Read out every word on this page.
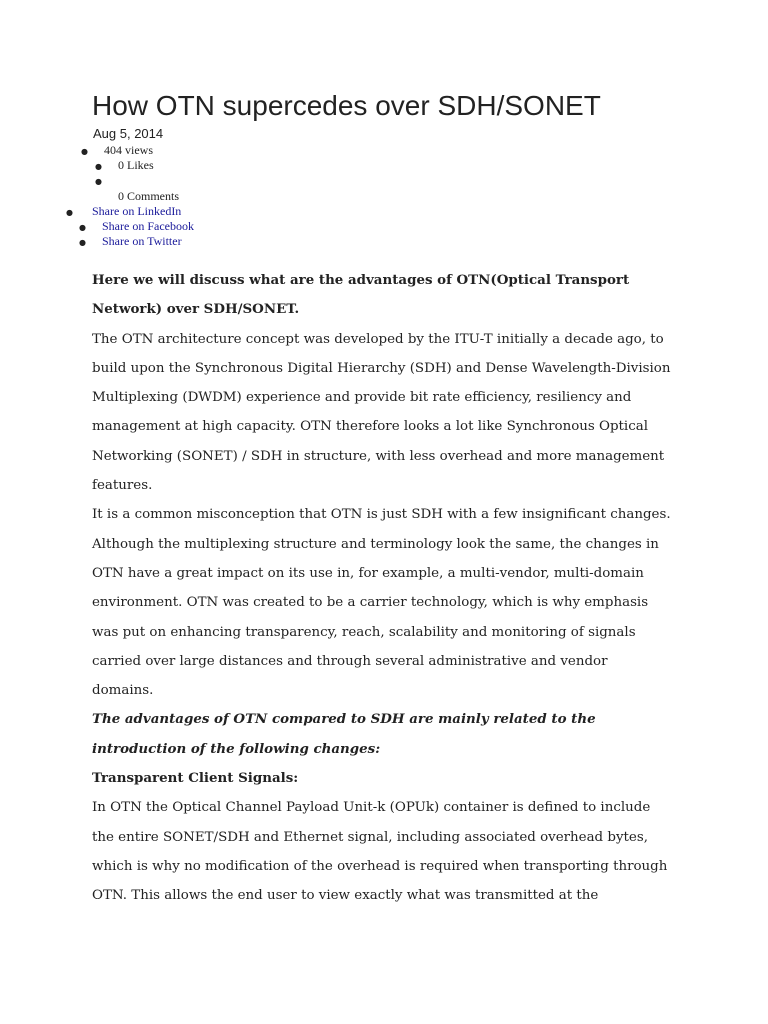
How OTN supercedes over SDH/SONET
Aug 5, 2014
● 404 views
● 0 Likes
●
0 Comments
● Share on LinkedIn
● Share on Facebook
● Share on Twitter

Here we will discuss what are the advantages of OTN(Optical Transport Network) over SDH/SONET.

The OTN architecture concept was developed by the ITU-T initially a decade ago, to build upon the Synchronous Digital Hierarchy (SDH) and Dense Wavelength-Division Multiplexing (DWDM) experience and provide bit rate efficiency, resiliency and management at high capacity. OTN therefore looks a lot like Synchronous Optical Networking (SONET) / SDH in structure, with less overhead and more management features.

It is a common misconception that OTN is just SDH with a few insignificant changes. Although the multiplexing structure and terminology look the same, the changes in OTN have a great impact on its use in, for example, a multi-vendor, multi-domain environment. OTN was created to be a carrier technology, which is why emphasis was put on enhancing transparency, reach, scalability and monitoring of signals carried over large distances and through several administrative and vendor domains.

The advantages of OTN compared to SDH are mainly related to the introduction of the following changes:

Transparent Client Signals:

In OTN the Optical Channel Payload Unit-k (OPUk) container is defined to include the entire SONET/SDH and Ethernet signal, including associated overhead bytes, which is why no modification of the overhead is required when transporting through OTN. This allows the end user to view exactly what was transmitted at the
